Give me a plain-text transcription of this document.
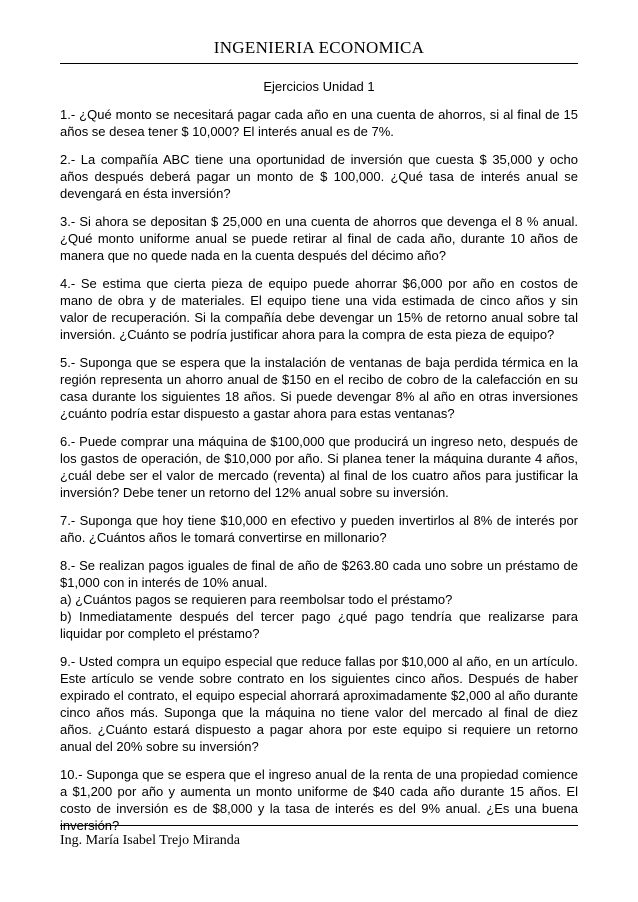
INGENIERIA ECONOMICA
Ejercicios Unidad 1

1.- ¿Qué monto se necesitará pagar cada año en una cuenta de ahorros, si al final de 15 años se desea tener $ 10,000? El interés anual es de 7%.

2.- La compañía ABC tiene una oportunidad de inversión que cuesta $ 35,000 y ocho años después deberá pagar un monto de $ 100,000. ¿Qué tasa de interés anual se devengará en ésta inversión?

3.- Si ahora se depositan $ 25,000 en una cuenta de ahorros que devenga el 8 % anual. ¿Qué monto uniforme anual se puede retirar al final de cada año, durante 10 años de manera que no quede nada en la cuenta después del décimo año?

4.- Se estima que cierta pieza de equipo puede ahorrar $6,000 por año en costos de mano de obra y de materiales. El equipo tiene una vida estimada de cinco años y sin valor de recuperación. Si la compañía debe devengar un 15% de retorno anual sobre tal inversión. ¿Cuánto se podría justificar ahora para la compra de esta pieza de equipo?

5.- Suponga que se espera que la instalación de ventanas de baja perdida térmica en la región representa un ahorro anual de $150 en el recibo de cobro de la calefacción en su casa durante los siguientes 18 años. Si puede devengar 8% al año en otras inversiones ¿cuánto podría estar dispuesto a gastar ahora para estas ventanas?

6.- Puede comprar una máquina de $100,000 que producirá un ingreso neto, después de los gastos de operación, de $10,000 por año. Si planea tener la máquina durante 4 años, ¿cuál debe ser el valor de mercado (reventa) al final de los cuatro años para justificar la inversión? Debe tener un retorno del 12% anual sobre su inversión.

7.- Suponga que hoy tiene $10,000 en efectivo y pueden invertirlos al 8% de interés por año. ¿Cuántos años le tomará convertirse en millonario?

8.- Se realizan pagos iguales de final de año de $263.80 cada uno sobre un préstamo de $1,000 con in interés de 10% anual.

a) ¿Cuántos pagos se requieren para reembolsar todo el préstamo?

b) Inmediatamente después del tercer pago ¿qué pago tendría que realizarse para liquidar por completo el préstamo?

9.- Usted compra un equipo especial que reduce fallas por $10,000 al año, en un artículo. Este artículo se vende sobre contrato en los siguientes cinco años. Después de haber expirado el contrato, el equipo especial ahorrará aproximadamente $2,000 al año durante cinco años más. Suponga que la máquina no tiene valor del mercado al final de diez años. ¿Cuánto estará dispuesto a pagar ahora por este equipo si requiere un retorno anual del 20% sobre su inversión?

10.- Suponga que se espera que el ingreso anual de la renta de una propiedad comience a $1,200 por año y aumenta un monto uniforme de $40 cada año durante 15 años. El costo de inversión es de $8,000 y la tasa de interés es del 9% anual. ¿Es una buena inversión?

Ing. María Isabel Trejo Miranda
